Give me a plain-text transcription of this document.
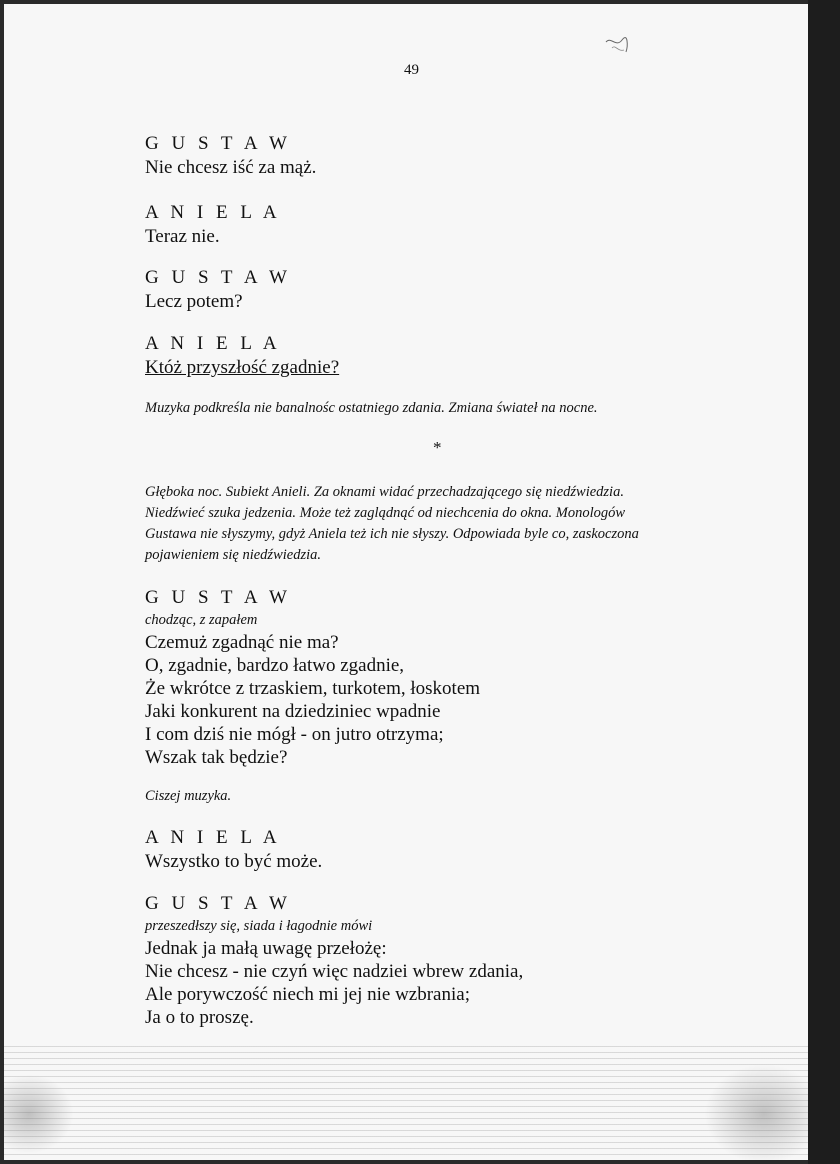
49
G U S T A W
Nie chcesz iść za mąż.
A N I E L A
Teraz nie.
G U S T A W
Lecz potem?
A N I E L A
Któż przyszłość zgadnie?
Muzyka podkreśla nie banalnośc ostatniego zdania. Zmiana świateł na nocne.
*
Głęboka noc. Subiekt Anieli. Za oknami widać przechadzającego się niedźwiedzia.
Niedźwieć szuka jedzenia. Może też zaglądnąć od niechcenia do okna. Monologów
Gustawa nie słyszymy, gdyż Aniela też ich nie słyszy. Odpowiada byle co, zaskoczona
pojawieniem się niedźwiedzia.
G U S T A W
chodząc, z zapałem
Czemuż zgadnąć nie ma?
O, zgadnie, bardzo łatwo zgadnie,
Że wkrótce z trzaskiem, turkotem, łoskotem
Jaki konkurent na dziedziniec wpadnie
I com dziś nie mógł - on jutro otrzyma;
Wszak tak będzie?
Ciszej muzyka.
A N I E L A
Wszystko to być może.
G U S T A W
przeszedłszy się, siada i łagodnie mówi
Jednak ja małą uwagę przełożę:
Nie chcesz - nie czyń więc nadziei wbrew zdania,
Ale porywczość niech mi jej nie wzbrania;
Ja o to proszę.
